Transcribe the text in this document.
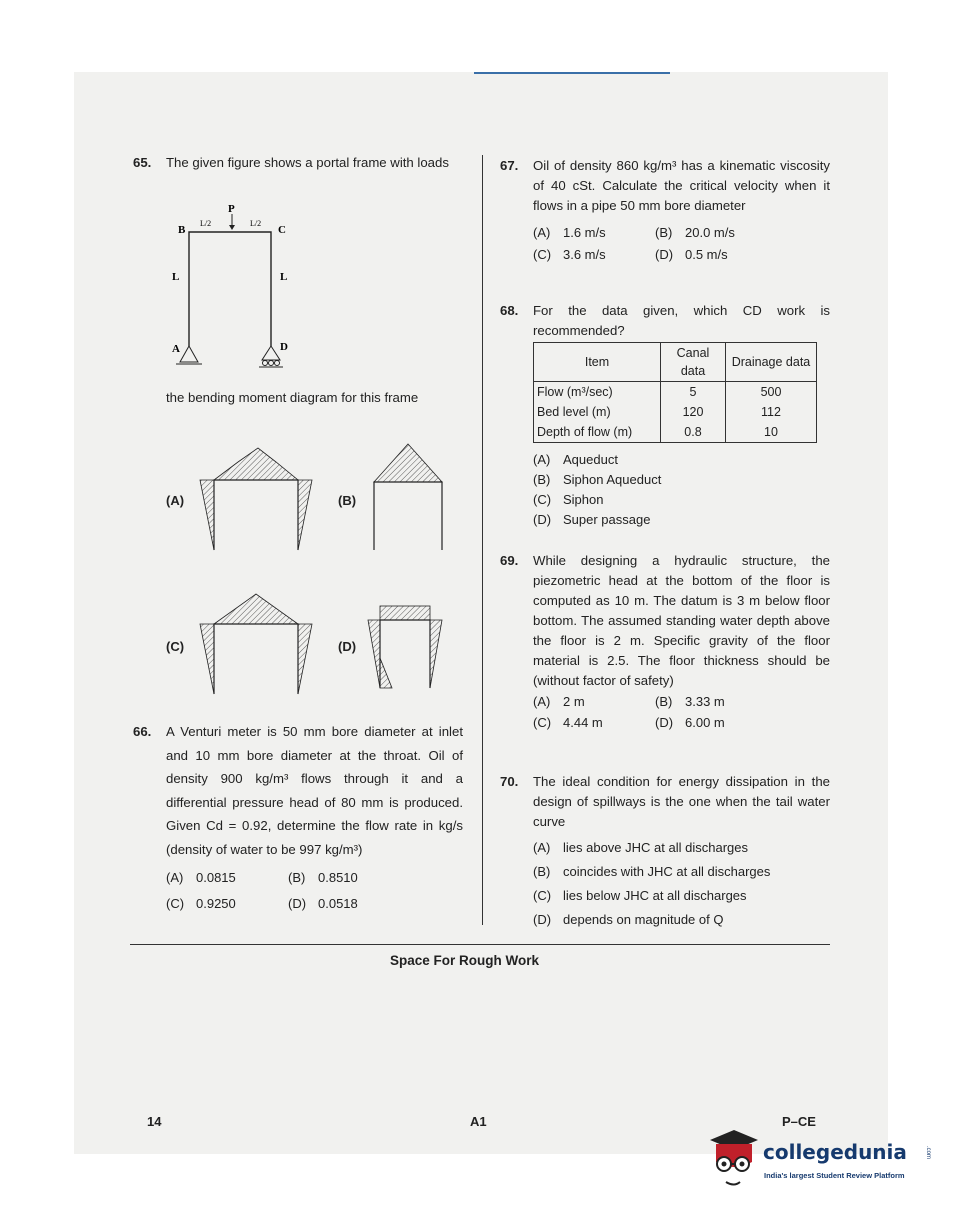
65. The given figure shows a portal frame with loads
P
L/2	L/2
B	C
L	L
A	D
the bending moment diagram for this frame
(A)	(B)
(C)	(D)
66. A Venturi meter is 50 mm bore diameter at inlet and 10 mm bore diameter at the throat. Oil of density 900 kg/m³ flows through it and a differential pressure head of 80 mm is produced. Given Cd = 0.92, determine the flow rate in kg/s (density of water to be 997 kg/m³)
(A) 0.0815	(B) 0.8510
(C) 0.9250	(D) 0.0518
67. Oil of density 860 kg/m³ has a kinematic viscosity of 40 cSt. Calculate the critical velocity when it flows in a pipe 50 mm bore diameter
(A) 1.6 m/s	(B) 20.0 m/s
(C) 3.6 m/s	(D) 0.5 m/s
68. For the data given, which CD work is recommended?
Item	Canal data	Drainage data
Flow (m³/sec)	5	500
Bed level (m)	120	112
Depth of flow (m)	0.8	10
(A) Aqueduct
(B) Siphon Aqueduct
(C) Siphon
(D) Super passage
69. While designing a hydraulic structure, the piezometric head at the bottom of the floor is computed as 10 m. The datum is 3 m below floor bottom. The assumed standing water depth above the floor is 2 m. Specific gravity of the floor material is 2.5. The floor thickness should be (without factor of safety)
(A) 2 m	(B) 3.33 m
(C) 4.44 m	(D) 6.00 m
70. The ideal condition for energy dissipation in the design of spillways is the one when the tail water curve
(A) lies above JHC at all discharges
(B) coincides with JHC at all discharges
(C) lies below JHC at all discharges
(D) depends on magnitude of Q
Space For Rough Work
14	A1	P–CE
collegedunia	.com
India's largest Student Review Platform
